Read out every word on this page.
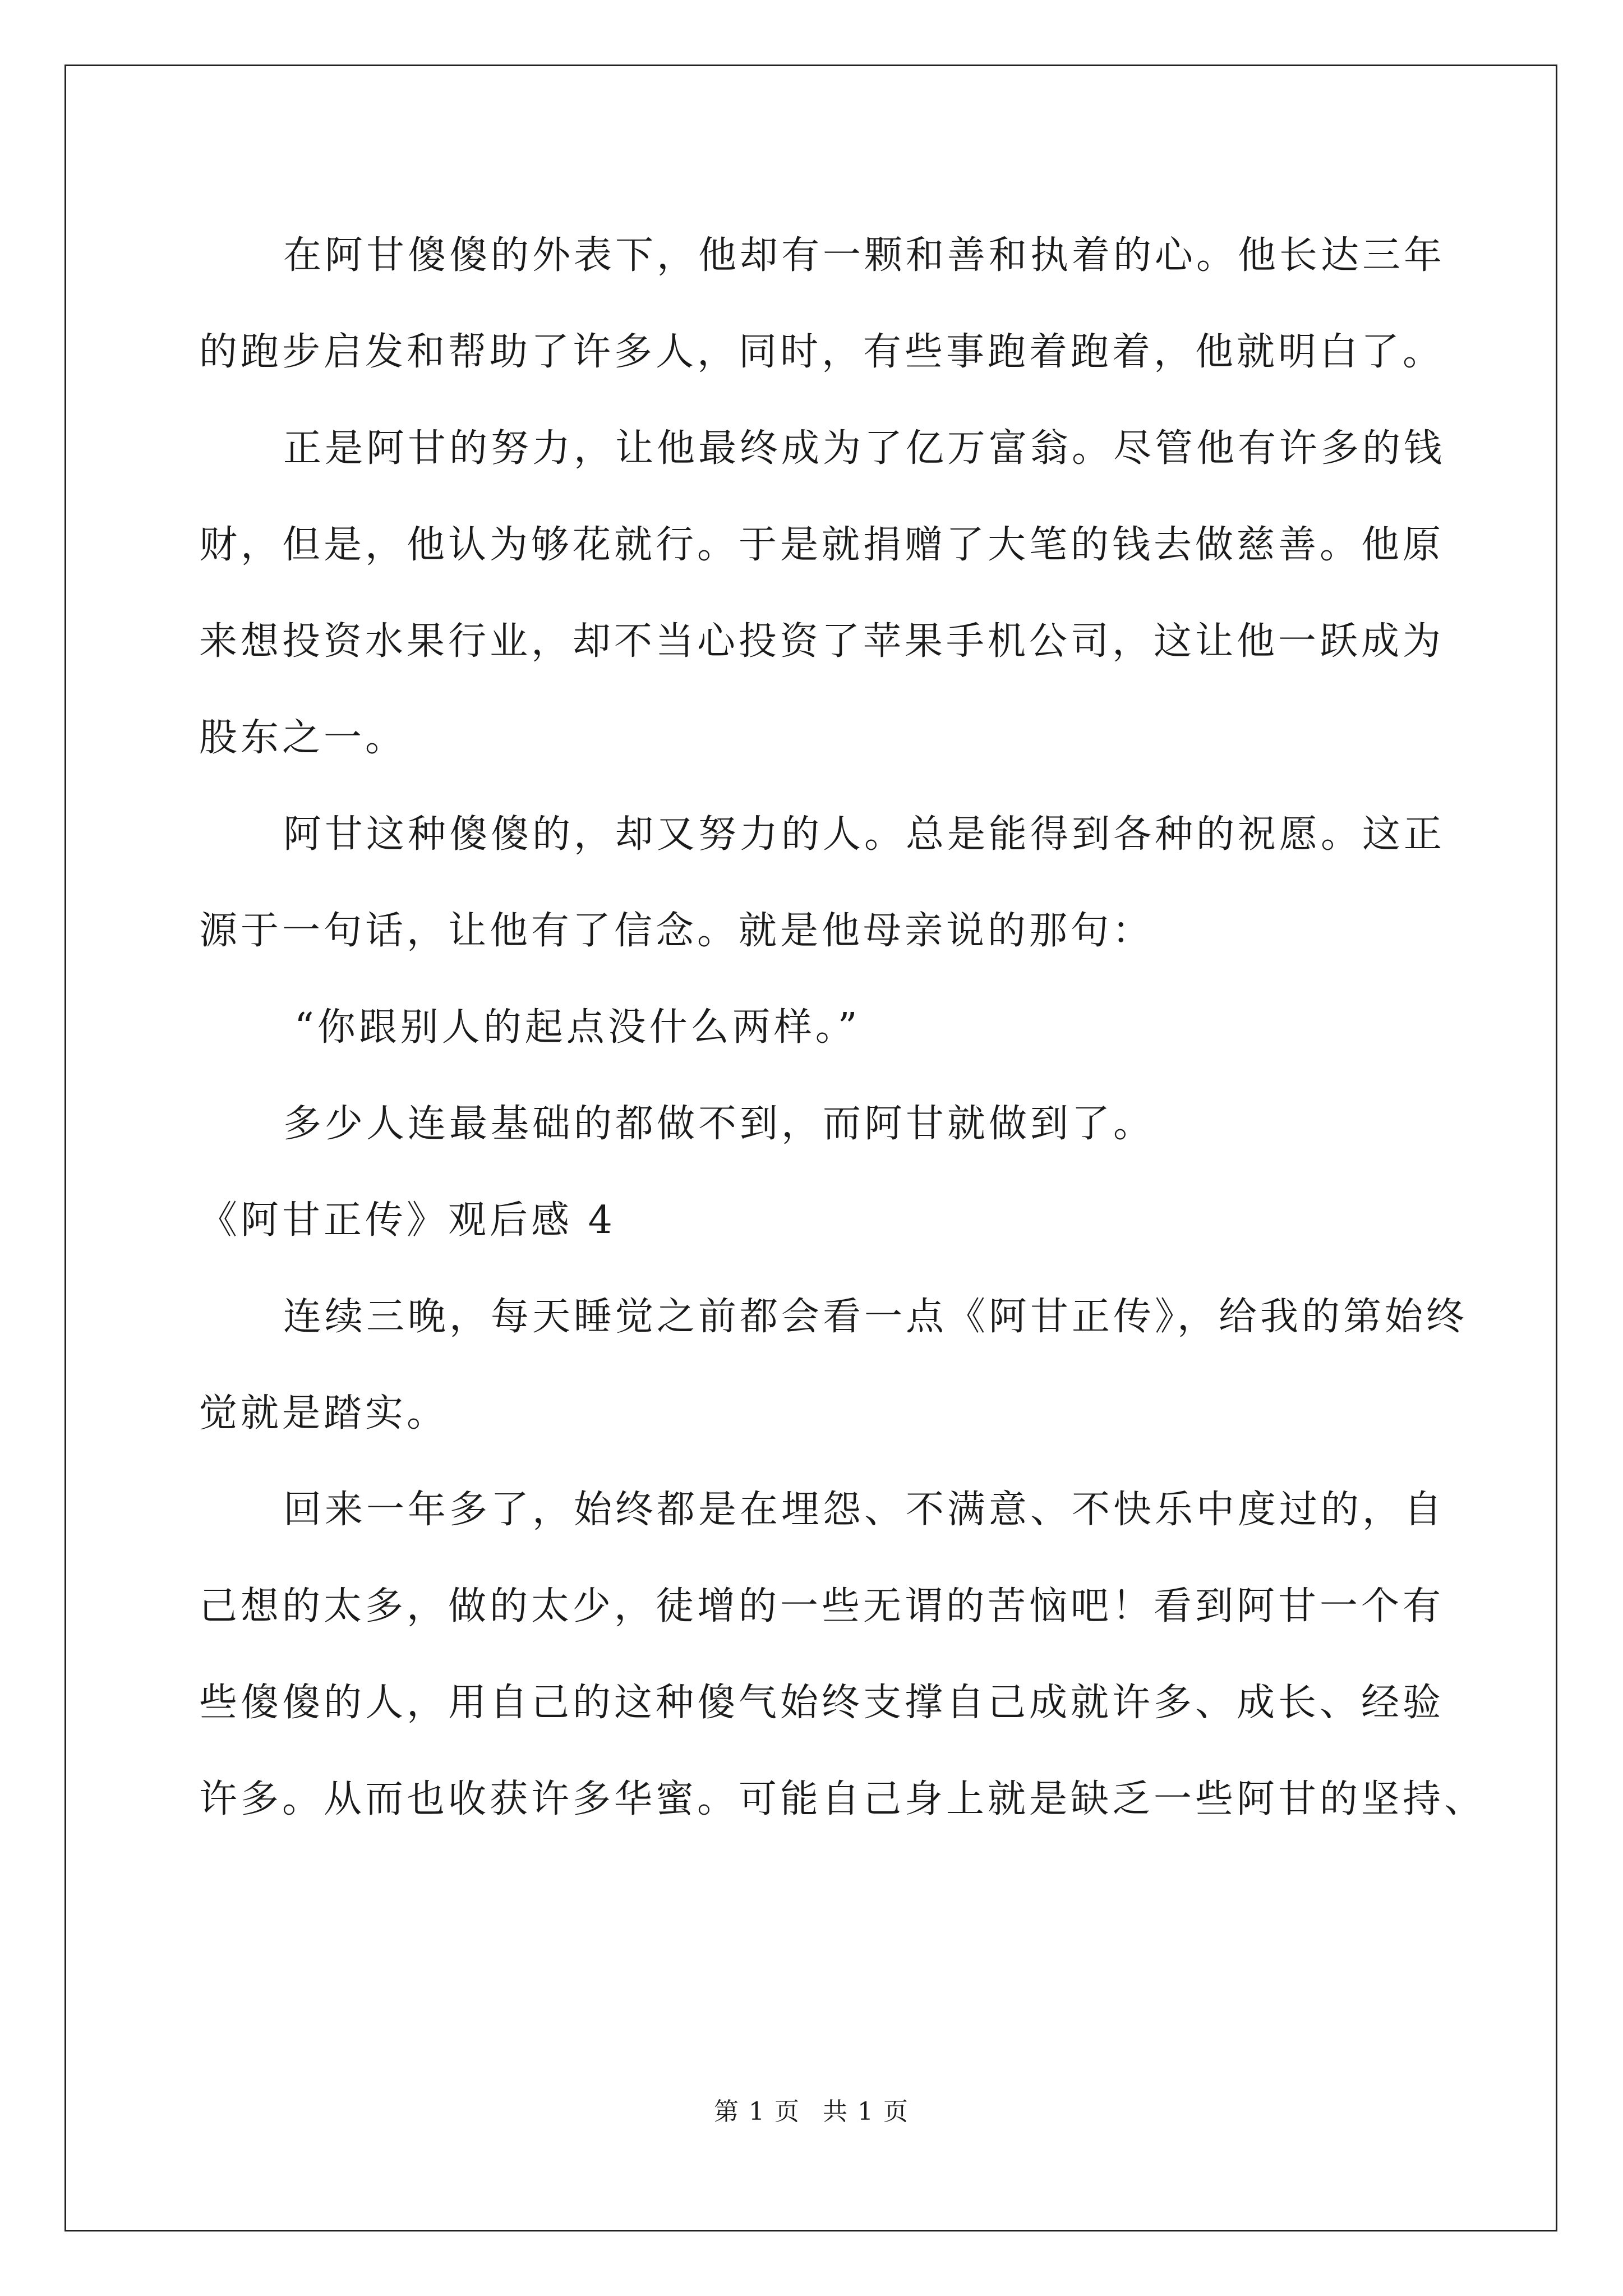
在阿甘傻傻的外表下，他却有一颗和善和执着的心。他长达三年
的跑步启发和帮助了许多人，同时，有些事跑着跑着，他就明白了。
正是阿甘的努力，让他最终成为了亿万富翁。尽管他有许多的钱
财，但是，他认为够花就行。于是就捐赠了大笔的钱去做慈善。他原
来想投资水果行业，却不当心投资了苹果手机公司，这让他一跃成为
股东之一。
阿甘这种傻傻的，却又努力的人。总是能得到各种的祝愿。这正
源于一句话，让他有了信念。就是他母亲说的那句：
“你跟别人的起点没什么两样。”
多少人连最基础的都做不到，而阿甘就做到了。
《阿甘正传》观后感 4
连续三晚，每天睡觉之前都会看一点《阿甘正传》，给我的第始终
觉就是踏实。
回来一年多了，始终都是在埋怨、不满意、不快乐中度过的，自
己想的太多，做的太少，徒增的一些无谓的苦恼吧！看到阿甘一个有
些傻傻的人，用自己的这种傻气始终支撑自己成就许多、成长、经验
许多。从而也收获许多华蜜。可能自己身上就是缺乏一些阿甘的坚持、
第 1 页 共 1 页
